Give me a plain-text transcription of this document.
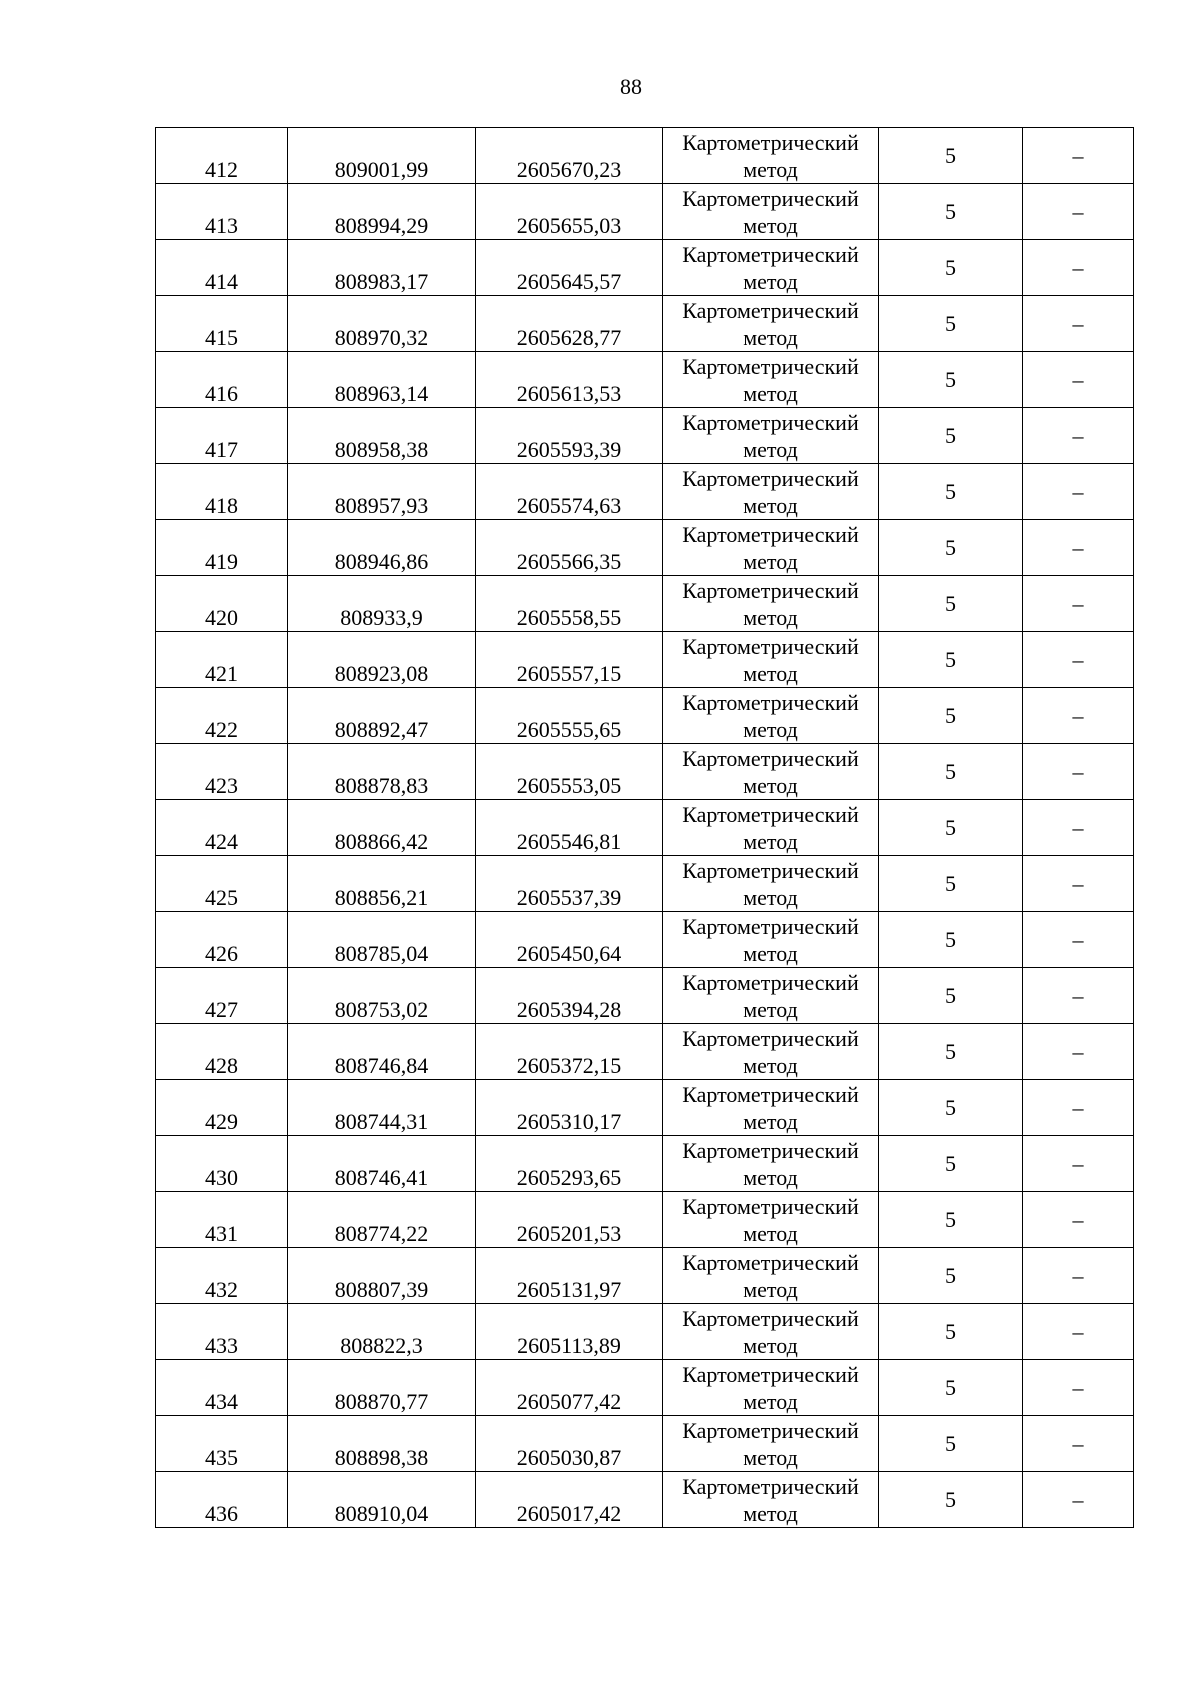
88
412	809001,99	2605670,23	Картометрический
метод	5	–

413	808994,29	2605655,03	Картометрический
метод	5	–

414	808983,17	2605645,57	Картометрический
метод	5	–

415	808970,32	2605628,77	Картометрический
метод	5	–

416	808963,14	2605613,53	Картометрический
метод	5	–

417	808958,38	2605593,39	Картометрический
метод	5	–

418	808957,93	2605574,63	Картометрический
метод	5	–

419	808946,86	2605566,35	Картометрический
метод	5	–

420	808933,9	2605558,55	Картометрический
метод	5	–

421	808923,08	2605557,15	Картометрический
метод	5	–

422	808892,47	2605555,65	Картометрический
метод	5	–

423	808878,83	2605553,05	Картометрический
метод	5	–

424	808866,42	2605546,81	Картометрический
метод	5	–

425	808856,21	2605537,39	Картометрический
метод	5	–

426	808785,04	2605450,64	Картометрический
метод	5	–

427	808753,02	2605394,28	Картометрический
метод	5	–

428	808746,84	2605372,15	Картометрический
метод	5	–

429	808744,31	2605310,17	Картометрический
метод	5	–

430	808746,41	2605293,65	Картометрический
метод	5	–

431	808774,22	2605201,53	Картометрический
метод	5	–

432	808807,39	2605131,97	Картометрический
метод	5	–

433	808822,3	2605113,89	Картометрический
метод	5	–

434	808870,77	2605077,42	Картометрический
метод	5	–

435	808898,38	2605030,87	Картометрический
метод	5	–

436	808910,04	2605017,42	Картометрический
метод	5	–
